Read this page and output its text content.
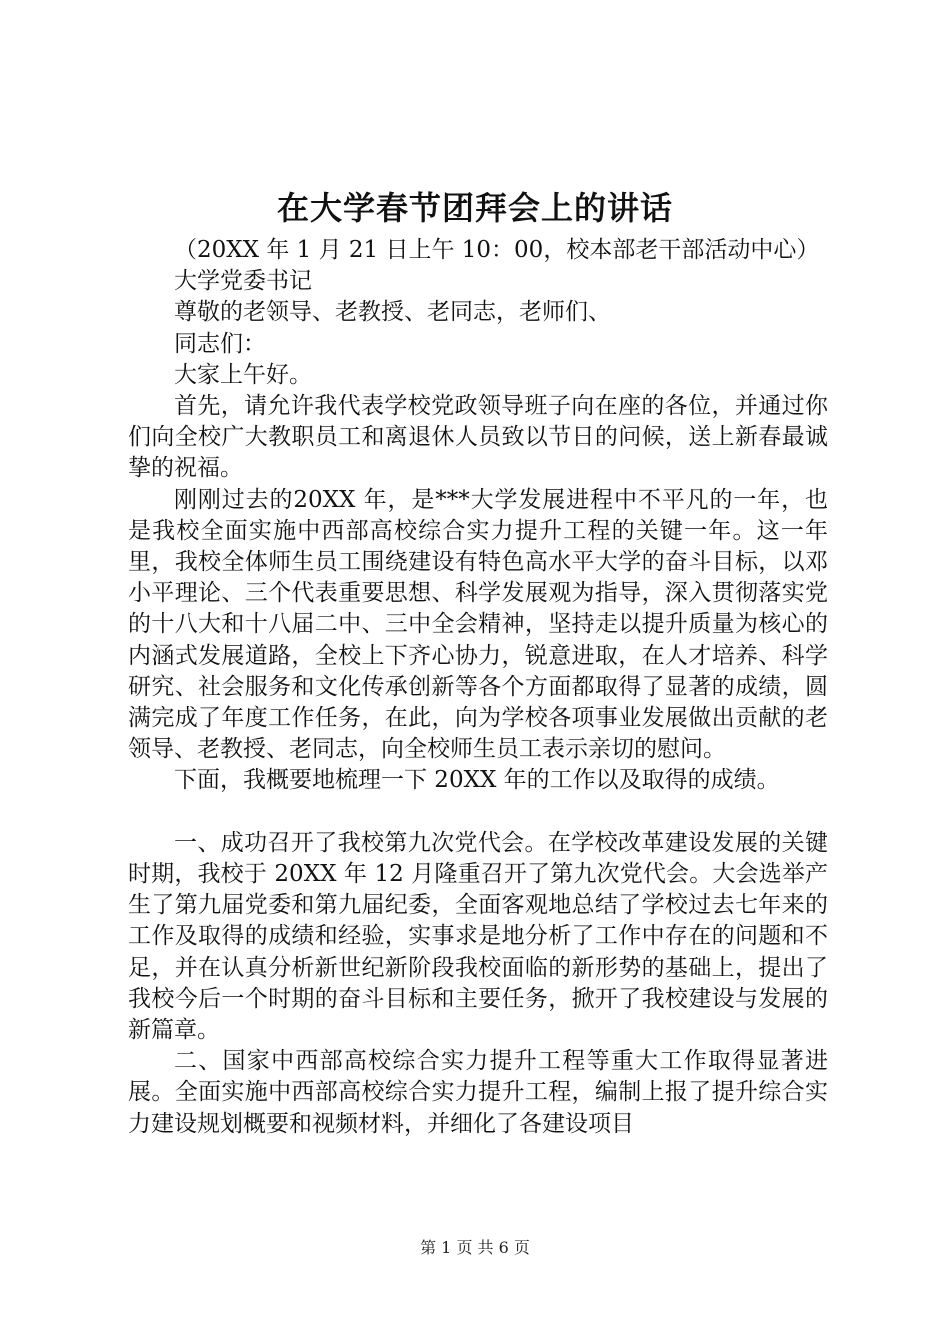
在大学春节团拜会上的讲话

（20XX 年 1 月 21 日上午 10：00，校本部老干部活动中心）

大学党委书记

尊敬的老领导、老教授、老同志，老师们、

同志们：

大家上午好。

首先，请允许我代表学校党政领导班子向在座的各位，并通过你们向全校广大教职员工和离退休人员致以节日的问候，送上新春最诚挚的祝福。

刚刚过去的20XX 年，是***大学发展进程中不平凡的一年，也是我校全面实施中西部高校综合实力提升工程的关键一年。这一年里，我校全体师生员工围绕建设有特色高水平大学的奋斗目标，以邓小平理论、三个代表重要思想、科学发展观为指导，深入贯彻落实党的十八大和十八届二中、三中全会精神，坚持走以提升质量为核心的内涵式发展道路，全校上下齐心协力，锐意进取，在人才培养、科学研究、社会服务和文化传承创新等各个方面都取得了显著的成绩，圆满完成了年度工作任务，在此，向为学校各项事业发展做出贡献的老领导、老教授、老同志，向全校师生员工表示亲切的慰问。

下面，我概要地梳理一下 20XX 年的工作以及取得的成绩。

一、成功召开了我校第九次党代会。在学校改革建设发展的关键时期，我校于 20XX 年 12 月隆重召开了第九次党代会。大会选举产生了第九届党委和第九届纪委，全面客观地总结了学校过去七年来的工作及取得的成绩和经验，实事求是地分析了工作中存在的问题和不足，并在认真分析新世纪新阶段我校面临的新形势的基础上，提出了我校今后一个时期的奋斗目标和主要任务，掀开了我校建设与发展的新篇章。

二、国家中西部高校综合实力提升工程等重大工作取得显著进展。全面实施中西部高校综合实力提升工程，编制上报了提升综合实力建设规划概要和视频材料，并细化了各建设项目

第 1 页 共 6 页
